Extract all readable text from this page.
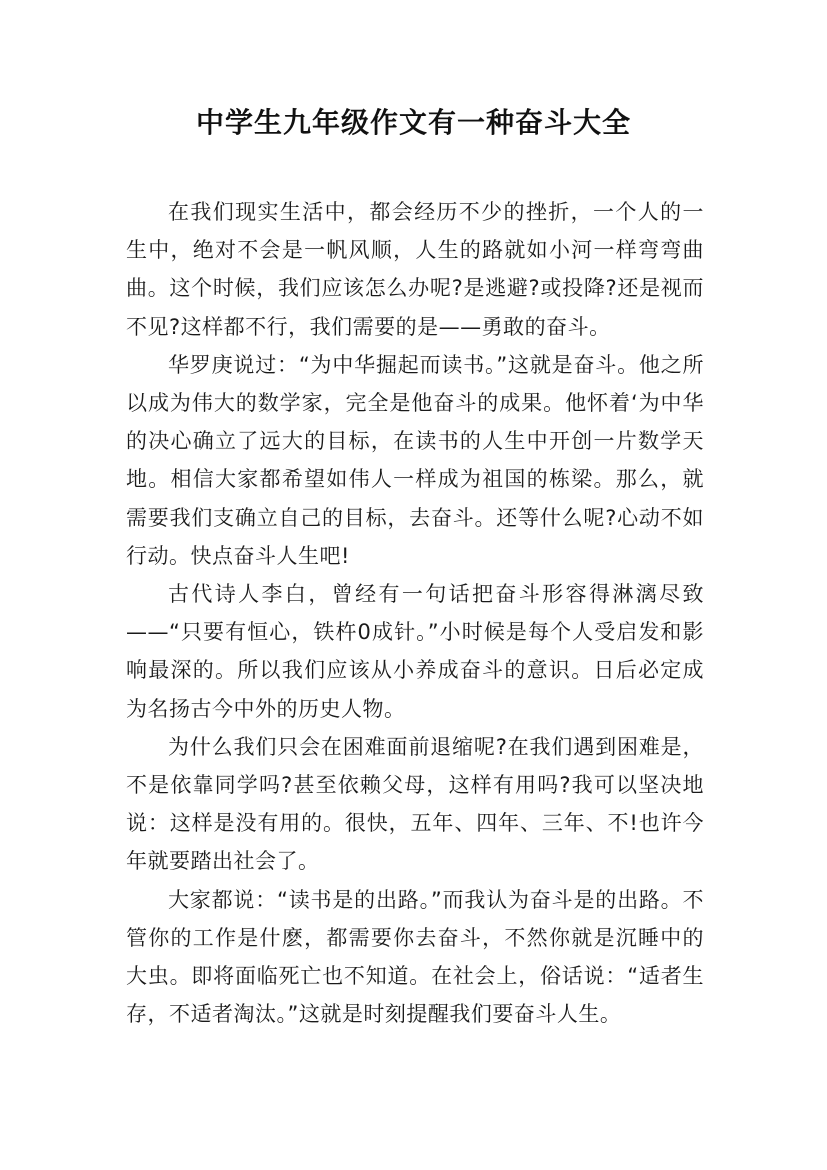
中学生九年级作文有一种奋斗大全

在我们现实生活中，都会经历不少的挫折，一个人的一生中，绝对不会是一帆风顺，人生的路就如小河一样弯弯曲曲。这个时候，我们应该怎么办呢?是逃避?或投降?还是视而不见?这样都不行，我们需要的是——勇敢的奋斗。

华罗庚说过：“为中华掘起而读书。”这就是奋斗。他之所以成为伟大的数学家，完全是他奋斗的成果。他怀着‘为中华的决心确立了远大的目标，在读书的人生中开创一片数学天地。相信大家都希望如伟人一样成为祖国的栋梁。那么，就需要我们支确立自己的目标，去奋斗。还等什么呢?心动不如行动。快点奋斗人生吧!

古代诗人李白，曾经有一句话把奋斗形容得淋漓尽致——“只要有恒心，铁杵0成针。”小时候是每个人受启发和影响最深的。所以我们应该从小养成奋斗的意识。日后必定成为名扬古今中外的历史人物。

为什么我们只会在困难面前退缩呢?在我们遇到困难是，不是依靠同学吗?甚至依赖父母，这样有用吗?我可以坚决地说：这样是没有用的。很快，五年、四年、三年、不!也许今年就要踏出社会了。

大家都说：“读书是的出路。”而我认为奋斗是的出路。不管你的工作是什麽，都需要你去奋斗，不然你就是沉睡中的大虫。即将面临死亡也不知道。在社会上，俗话说：“适者生存，不适者淘汰。”这就是时刻提醒我们要奋斗人生。
